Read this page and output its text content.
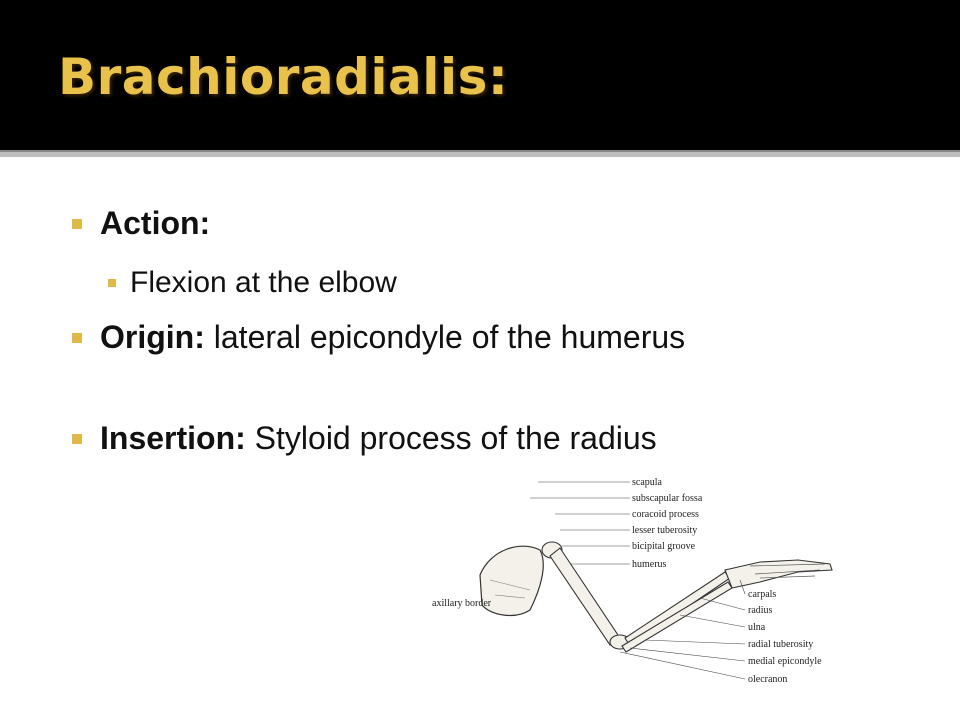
Brachioradialis:
Action:
Flexion at the elbow
Origin: lateral epicondyle of the humerus
Insertion: Styloid process of the radius
scapula
subscapular fossa
coracoid process
lesser tuberosity
bicipital groove
humerus
axillary border
carpals
radius
ulna
radial tuberosity
medial epicondyle
olecranon
